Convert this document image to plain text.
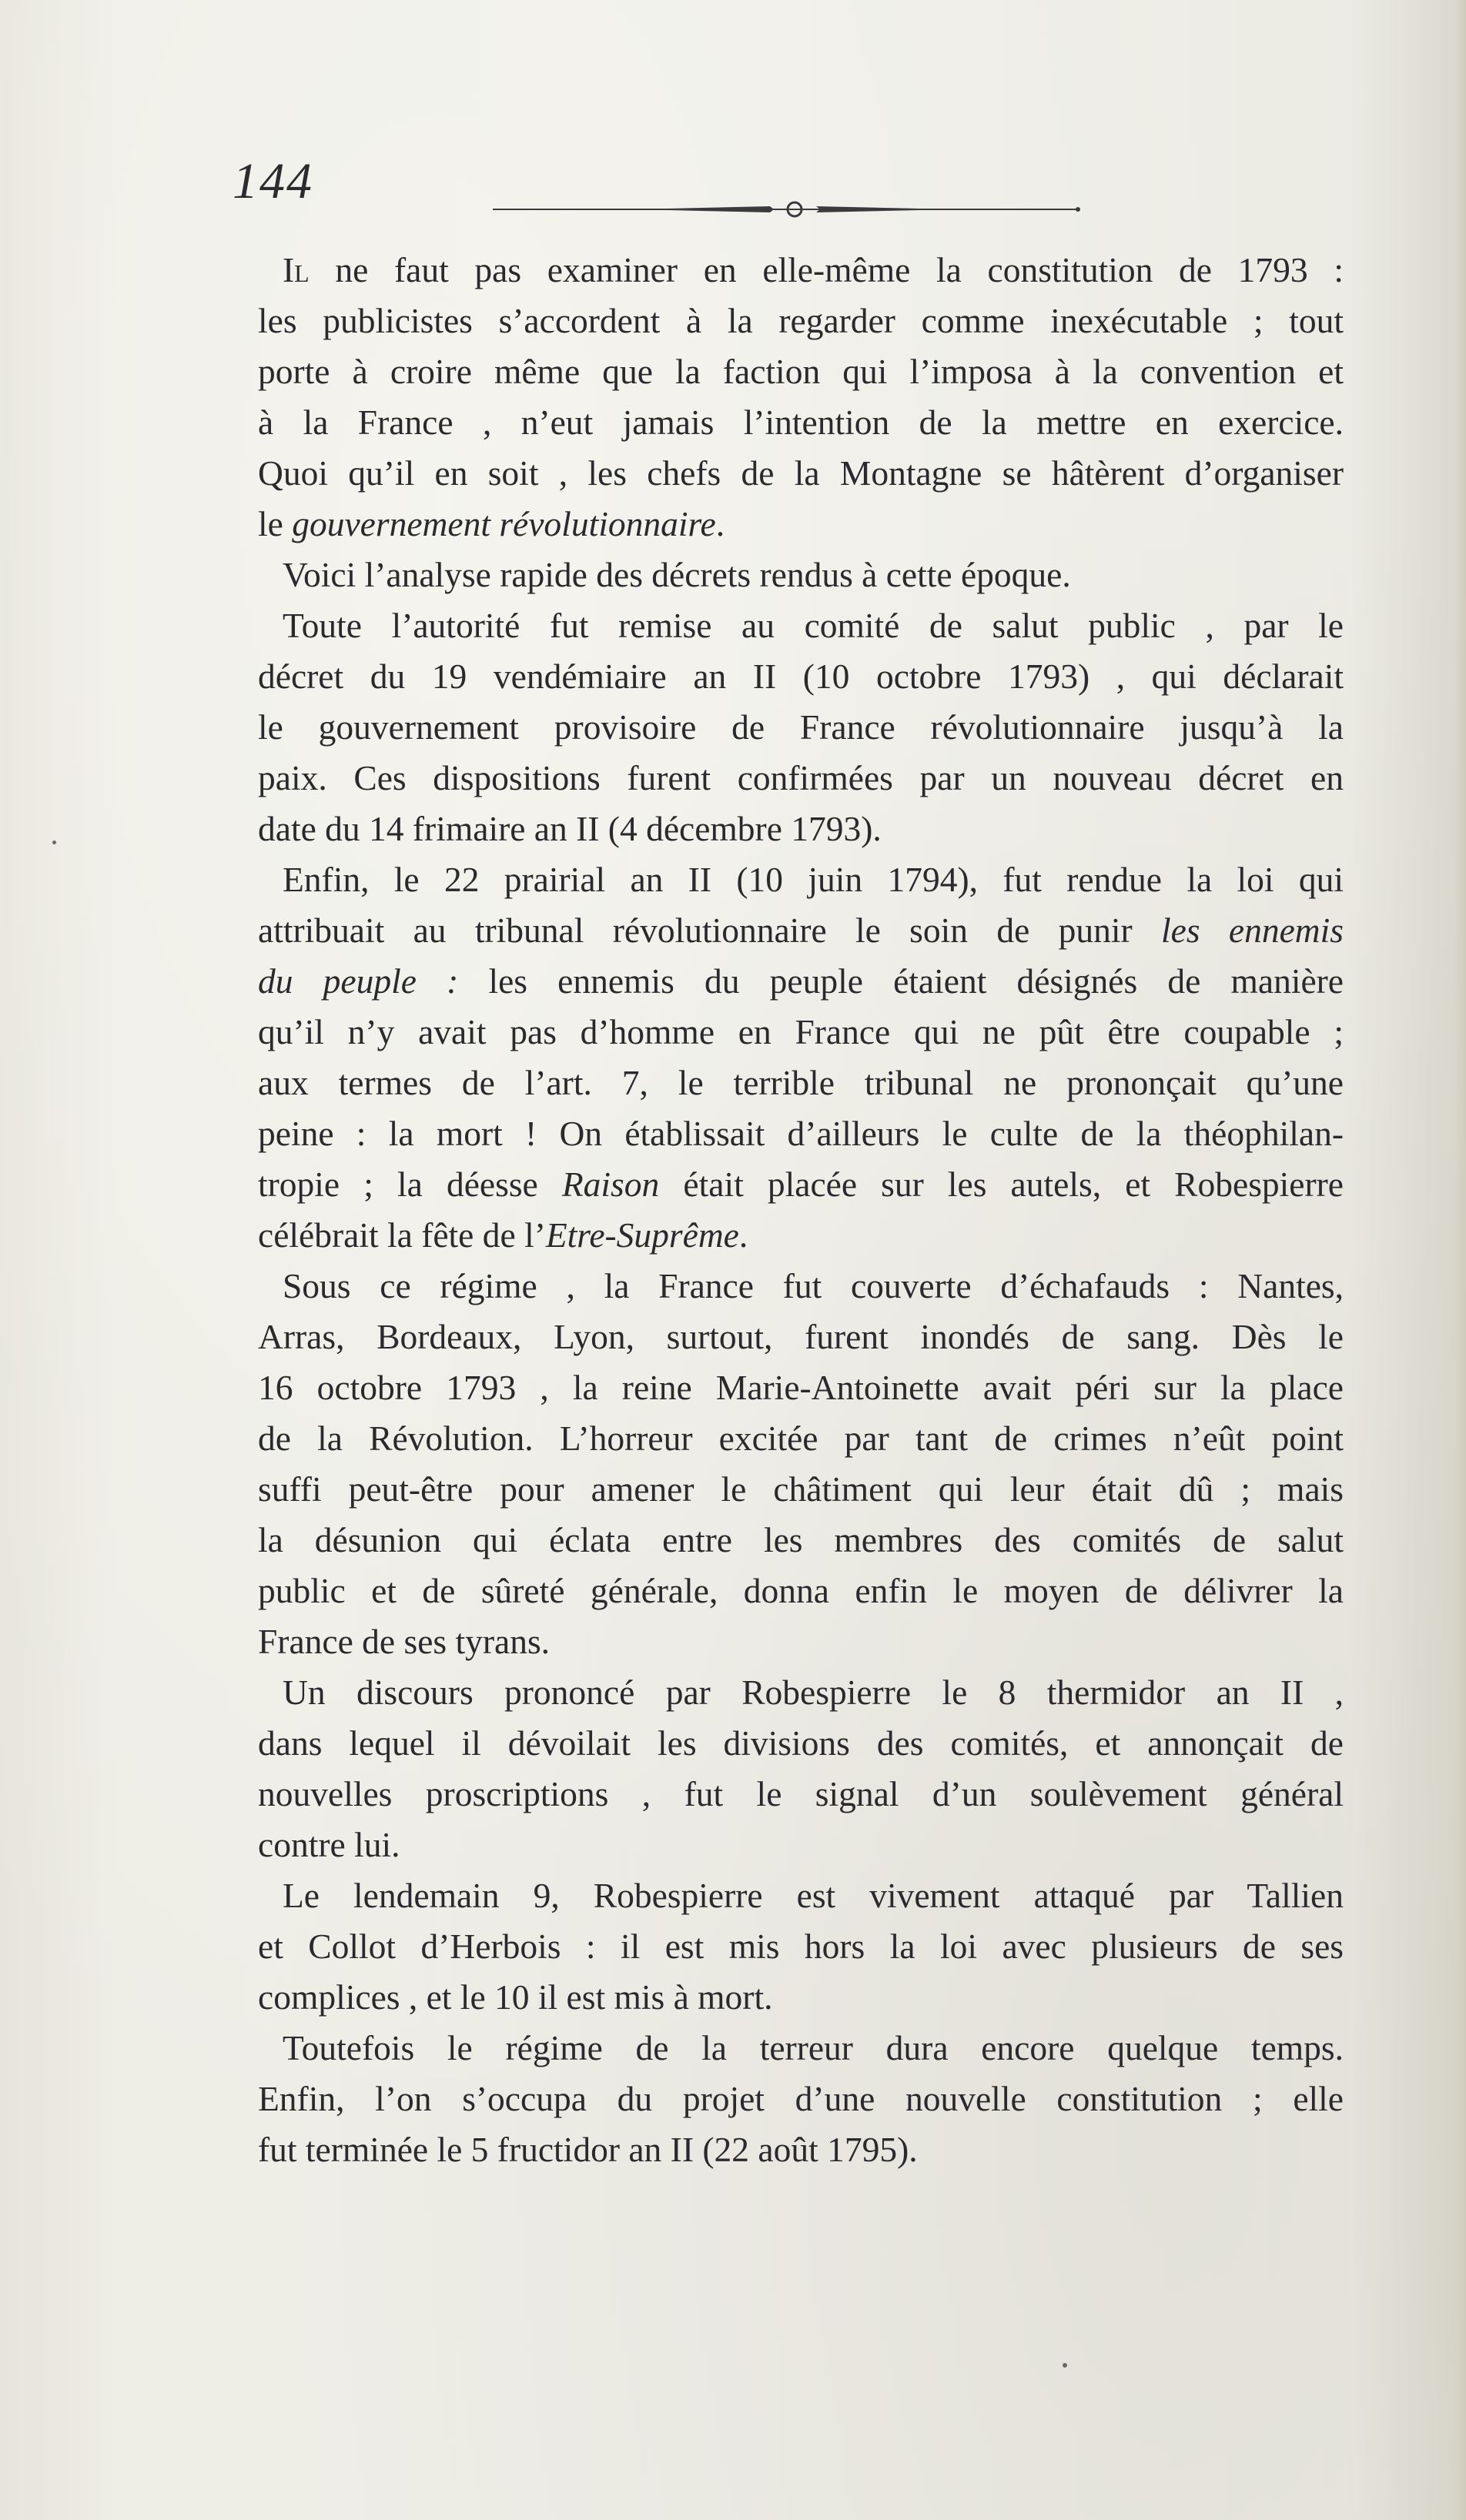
144
Il ne faut pas examiner en elle-même la constitution de 1793 :
les publicistes s’accordent à la regarder comme inexécutable ; tout
porte à croire même que la faction qui l’imposa à la convention et
à la France , n’eut jamais l’intention de la mettre en exercice.
Quoi qu’il en soit , les chefs de la Montagne se hâtèrent d’organiser
le gouvernement révolutionnaire.
Voici l’analyse rapide des décrets rendus à cette époque.
Toute l’autorité fut remise au comité de salut public , par le
décret du 19 vendémiaire an II (10 octobre 1793) , qui déclarait
le gouvernement provisoire de France révolutionnaire jusqu’à la
paix. Ces dispositions furent confirmées par un nouveau décret en
date du 14 frimaire an II (4 décembre 1793).
Enfin, le 22 prairial an II (10 juin 1794), fut rendue la loi qui
attribuait au tribunal révolutionnaire le soin de punir les ennemis
du peuple : les ennemis du peuple étaient désignés de manière
qu’il n’y avait pas d’homme en France qui ne pût être coupable ;
aux termes de l’art. 7, le terrible tribunal ne prononçait qu’une
peine : la mort ! On établissait d’ailleurs le culte de la théophilan-
tropie ; la déesse Raison était placée sur les autels, et Robespierre
célébrait la fête de l’Etre-Suprême.
Sous ce régime , la France fut couverte d’échafauds : Nantes,
Arras, Bordeaux, Lyon, surtout, furent inondés de sang. Dès le
16 octobre 1793 , la reine Marie-Antoinette avait péri sur la place
de la Révolution. L’horreur excitée par tant de crimes n’eût point
suffi peut-être pour amener le châtiment qui leur était dû ; mais
la désunion qui éclata entre les membres des comités de salut
public et de sûreté générale, donna enfin le moyen de délivrer la
France de ses tyrans.
Un discours prononcé par Robespierre le 8 thermidor an II ,
dans lequel il dévoilait les divisions des comités, et annonçait de
nouvelles proscriptions , fut le signal d’un soulèvement général
contre lui.
Le lendemain 9, Robespierre est vivement attaqué par Tallien
et Collot d’Herbois : il est mis hors la loi avec plusieurs de ses
complices , et le 10 il est mis à mort.
Toutefois le régime de la terreur dura encore quelque temps.
Enfin, l’on s’occupa du projet d’une nouvelle constitution ; elle
fut terminée le 5 fructidor an II (22 août 1795).
